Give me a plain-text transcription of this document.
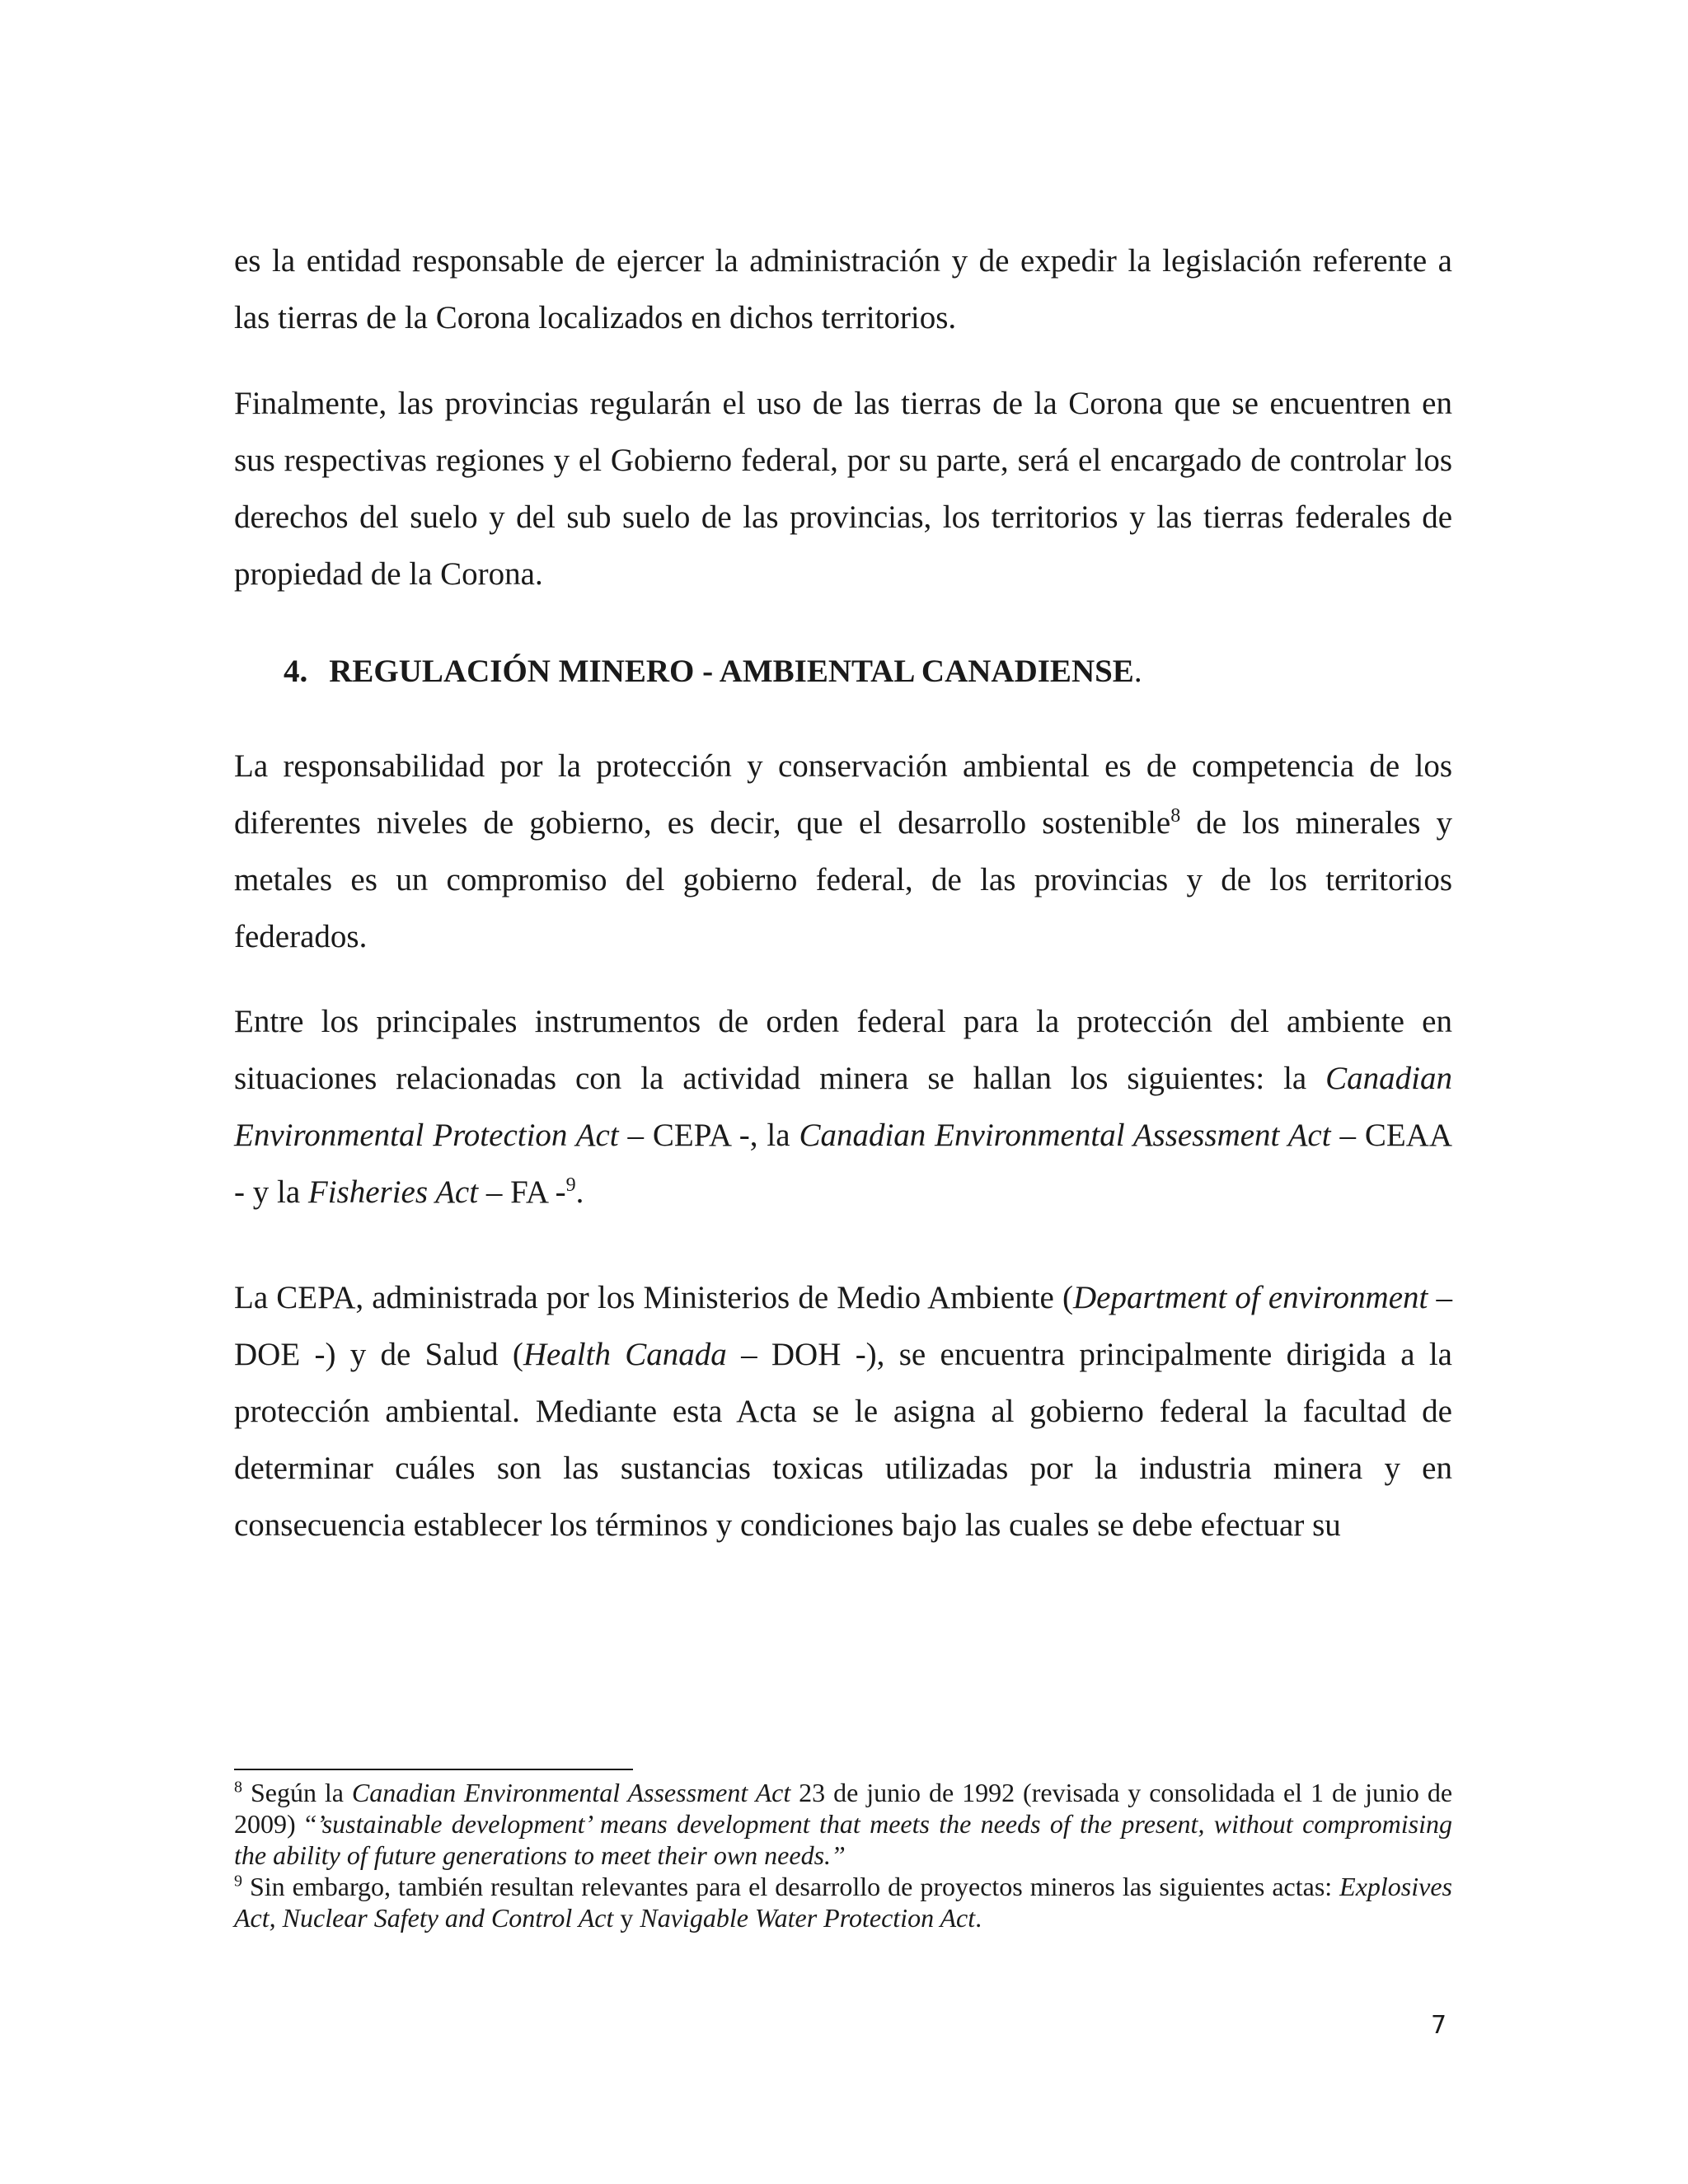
es la entidad responsable de ejercer la administración y de expedir la legislación referente a las tierras de la Corona localizados en dichos territorios.

Finalmente, las provincias regularán el uso de las tierras de la Corona que se encuentren en sus respectivas regiones y el Gobierno federal, por su parte, será el encargado de controlar los derechos del suelo y del sub suelo de las provincias, los territorios y las tierras federales de propiedad de la Corona.

4. REGULACIÓN MINERO - AMBIENTAL CANADIENSE.

La responsabilidad por la protección y conservación ambiental es de competencia de los diferentes niveles de gobierno, es decir, que el desarrollo sostenible$^8$ de los minerales y metales es un compromiso del gobierno federal, de las provincias y de los territorios federados.

Entre los principales instrumentos de orden federal para la protección del ambiente en situaciones relacionadas con la actividad minera se hallan los siguientes: la Canadian Environmental Protection Act – CEPA -, la Canadian Environmental Assessment Act – CEAA - y la Fisheries Act – FA -$^9$.

La CEPA, administrada por los Ministerios de Medio Ambiente (Department of environment – DOE -) y de Salud (Health Canada – DOH -), se encuentra principalmente dirigida a la protección ambiental. Mediante esta Acta se le asigna al gobierno federal la facultad de determinar cuáles son las sustancias toxicas utilizadas por la industria minera y en consecuencia establecer los términos y condiciones bajo las cuales se debe efectuar su

$^8$ Según la Canadian Environmental Assessment Act 23 de junio de 1992 (revisada y consolidada el 1 de junio de 2009) “’sustainable development’ means development that meets the needs of the present, without compromising the ability of future generations to meet their own needs.”

$^9$ Sin embargo, también resultan relevantes para el desarrollo de proyectos mineros las siguientes actas: Explosives Act, Nuclear Safety and Control Act y Navigable Water Protection Act.

7
